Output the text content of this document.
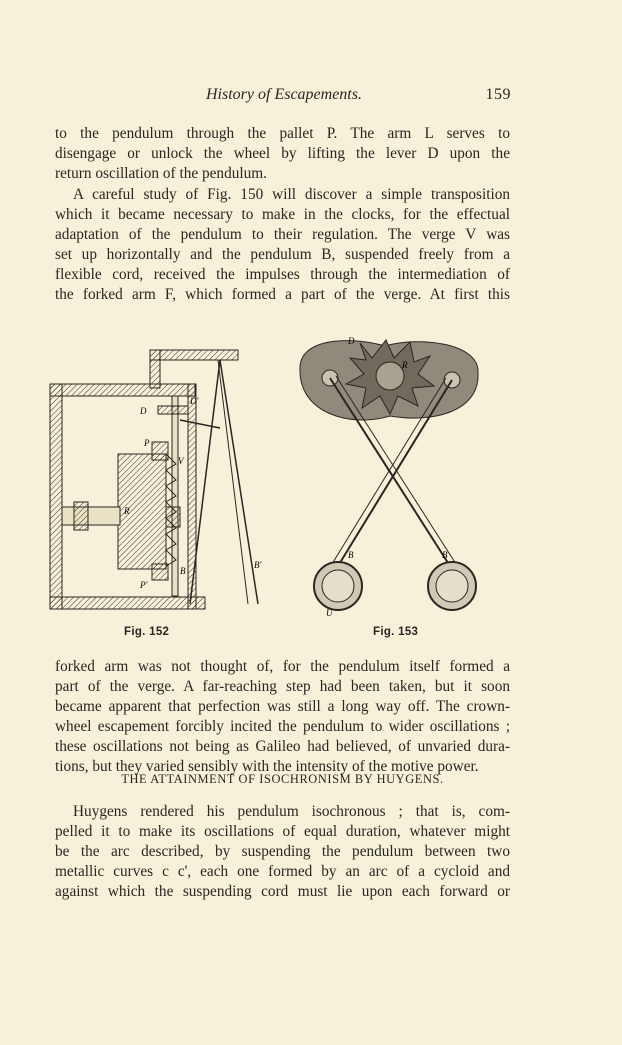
History of Escapements.	159
to the pendulum through the pallet P. The arm L serves to
disengage or unlock the wheel by lifting the lever D upon the
return oscillation of the pendulum.
A careful study of Fig. 150 will discover a simple transposition
which it became necessary to make in the clocks, for the effectual
adaptation of the pendulum to their regulation. The verge V was
set up horizontally and the pendulum B, suspended freely from a
flexible cord, received the impulses through the intermediation of
the forked arm F, which formed a part of the verge. At first this
D
D'
P
V
R
B
P'
B'
Fig. 152
D
R
B	B
U
Fig. 153
forked arm was not thought of, for the pendulum itself formed a
part of the verge. A far-reaching step had been taken, but it soon
became apparent that perfection was still a long way off. The crown-
wheel escapement forcibly incited the pendulum to wider oscillations ;
these oscillations not being as Galileo had believed, of unvaried dura-
tions, but they varied sensibly with the intensity of the motive power.
THE ATTAINMENT OF ISOCHRONISM BY HUYGENS.
Huygens rendered his pendulum isochronous ; that is, com-
pelled it to make its oscillations of equal duration, whatever might
be the arc described, by suspending the pendulum between two
metallic curves c c', each one formed by an arc of a cycloid and
against which the suspending cord must lie upon each forward or
